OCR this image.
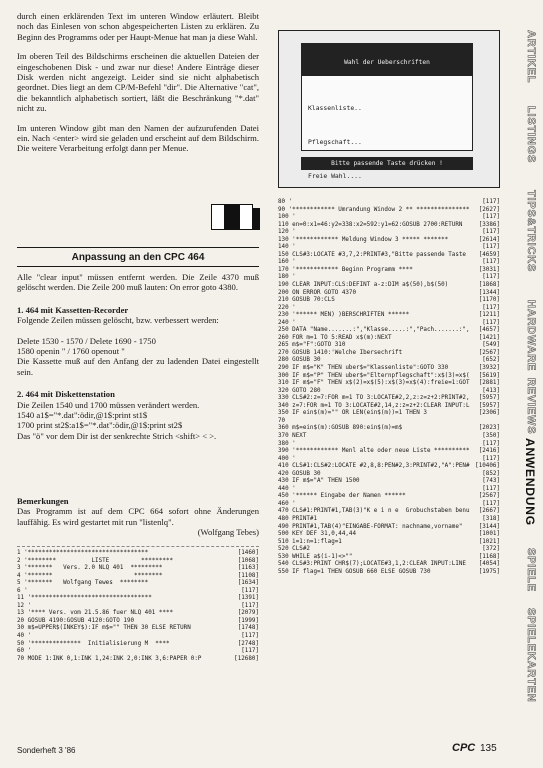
durch einen erklärenden Text im unteren Window erläutert. Bleibt noch das Einlesen von schon abgespeicherten Listen zu erklären. Zu Beginn des Programms oder per Haupt-Menue hat man ja diese Wahl.

Im oberen Teil des Bildschirms erscheinen die aktuellen Dateien der eingeschobenen Disk - und zwar nur diese! Andere Einträge dieser Disk werden nicht angezeigt. Leider sind sie nicht alphabetisch geordnet. Dies liegt an dem CP/M-Befehl "dir". Die Alternative "cat", die bekanntlich alphabetisch sortiert, läßt die Beschränkung "*.dat" nicht zu.

Im unteren Window gibt man den Namen der aufzurufenden Datei ein. Nach <enter> wird sie geladen und erscheint auf dem Bildschirm. Die weitere Verarbeitung erfolgt dann per Menue.

Anpassung an den CPC 464

Alle "clear input" müssen entfernt werden. Die Zeile 4370 muß gelöscht werden. Die Zeile 200 muß lauten: On error goto 4380.

1. 464 mit Kassetten-Recorder

Folgende Zeilen müssen gelöscht, bzw. verbessert werden:

Delete 1530 - 1570 / Delete 1690 - 1750
1580 openin " / 1760 openout "

Die Kassette muß auf den Anfang der zu ladenden Datei eingestellt sein.

2. 464 mit Diskettenstation
Die Zeilen 1540 und 1700 müssen verändert werden.
1540 a1$="*.dat":ödir,@1$:print st1$
1700 print st2$:a1$="*.dat":ödir,@1$:print st2$

Das "ö" vor dem Dir ist der senkrechte Strich <shift> < >.

Bemerkungen
Das Programm ist auf dem CPC 664 sofort ohne Änderungen lauffähig. Es wird gestartet mit run "listenlq".
(Wolfgang Tebes)
1 '**********************************	[1460]
2 '********          LISTE         *********	[1068]
3 '*******   Vers. 2.0 NLQ 401  *********	[1163]
4 '*******                       ********	[1108]
5 '*******   Wolfgang Tewes  ********	[1634]
6 '	[117]
11 '**********************************	[1391]
12 '	[117]
13 '**** Vers. vom 21.5.86 fuer NLQ 401 ****	[2079]
20 GOSUB 4190:GOSUB 4120:GOTO 190	[1999]
30 m$=UPPER$(INKEY$):IF m$="" THEN 30 ELSE RETURN	[1748]
40 '	[117]
50 '**************  Initialisierung M  ****	[2748]
60 '	[117]
70 MODE 1:INK 0,1:INK 1,24:INK 2,0:INK 3,6:PAPER 0:P	[12680]

Wahl der Ueberschriften

Klassenliste..

Pflegschaft...

Freie Wahl....

Bitte passende Taste drücken !
80 '	[117]
90 '************ Umrandung Window 2 ** *************** [2627]
100 '	[117]
110 en=0:x1=46:y2=338:x2=592:y1=62:GOSUB 2700:RETURN	[3386]
120 '	[117]
130 '************ Meldung Window 3 ***** *******	[2614]
140 '	[117]
150 CLS#3:LOCATE #3,7,2:PRINT#3,"Bitte passende Taste [4659]
160 '	[117]
170 '************ Beginn Programm ****	[3031]
180 '	[117]
190 CLEAR INPUT:CLS:DEFINT a-z:DIM a$(50),b$(50)	[1868]
200 ON ERROR GOTO 4370	[1344]
210 GOSUB 70:CLS	[1170]
220 '	[117]
230 '****** MEN) )BERSCHRIFTEN ******	[1211]
240 '	[117]
250 DATA "Name.......:","Klasse.....:","Pach.......:", [4657]
260 FOR m=1 TO 5:READ x$(m):NEXT	[1421]
265 m$="F":GOTO 310	[549]
270 GOSUB 1410:'Welche Ibersechrift	[2567]
280 GOSUB 30	[652]
290 IF m$="K" THEN uber$="Klassenliste":GOTO 330	[3932]
300 IF m$="P" THEN uber$="Elternpflegschaft":x$(3)=x$( [5619]
310 IF m$="F" THEN x$(2)=x$(5):x$(3)=x$(4):freie=1:GOT [2881]
320 GOTO 280	[413]
330 CLS#2:z=7:FOR m=1 TO 3:LOCATE#2,2,z:z=z+2:PRINT#2, [5957]
340 z=7:FOR m=1 TO 3:LOCATE#2,14,z:z=z+2:CLEAR INPUT:L [5957]
350 IF ein$(m)="" OR LEN(ein$(m))=1 THEN 3	[2306]
70
360 m$=ein$(m):GOSUB 890:ein$(m)=m$	[2023]
370 NEXT	[350]
380 '	[117]
390 '************ Menl alte oder neue Liste ********** [2416]
400 '	[117]
410 CLS#1:CLS#2:LOCATE #2,8,8:PEN#2,3:PRINT#2,"A":PEN# [10406]
420 GOSUB 30	[852]
430 IF m$="A" THEN 1500	[743]
440 '	[117]
450 '****** Eingabe der Namen ******	[2567]
460 '	[117]
470 CLS#1:PRINT#1,TAB(3)"K e i n e  Grobuchstaben benu [2667]
480 PRINT#1	[318]
490 PRINT#1,TAB(4)"EINGABE-FORMAT: nachname,vorname"	[3144]
500 KEY DEF 31,0,44,44	[1001]
510 i=1:n=1:flag=1	[1021]
520 CLS#2	[372]
530 WHILE a$(i-1)<>""	[1168]
540 CLS#3:PRINT CHR$(7);LOCATE#3,1,2:CLEAR INPUT:LINE [4054]
550 IF flag=1 THEN GOSUB 660 ELSE GOSUB 730	[1975]
ARTIKEL
LISTINGS
TIPS&TRICKS
HARDWARE
REVIEWS
ANWENDUNG
SPIELE
SPIELEKARTEN
Sonderheft 3 '86	CPC 135
